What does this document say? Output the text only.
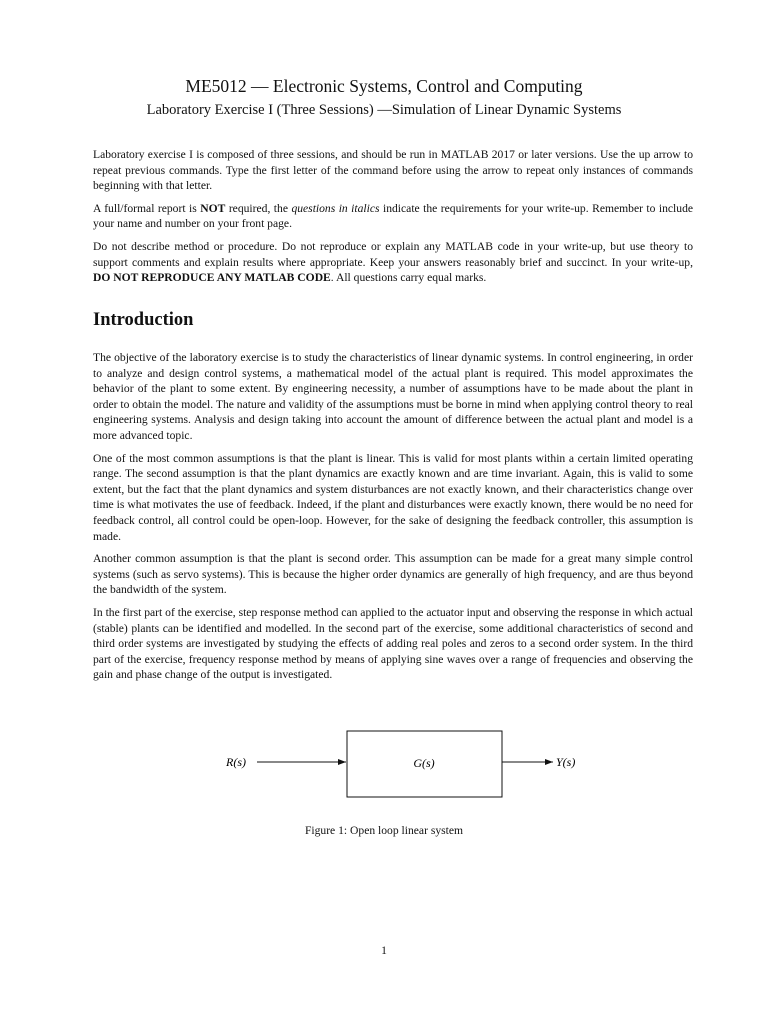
ME5012 — Electronic Systems, Control and Computing
Laboratory Exercise I (Three Sessions) —Simulation of Linear Dynamic Systems

Laboratory exercise I is composed of three sessions, and should be run in MATLAB 2017 or later versions. Use the up arrow to repeat previous commands. Type the first letter of the command before using the arrow to repeat only instances of commands beginning with that letter.

A full/formal report is NOT required, the questions in italics indicate the requirements for your write-up. Remember to include your name and number on your front page.

Do not describe method or procedure. Do not reproduce or explain any MATLAB code in your write-up, but use theory to support comments and explain results where appropriate. Keep your answers reasonably brief and succinct. In your write-up, DO NOT REPRODUCE ANY MATLAB CODE. All questions carry equal marks.

Introduction

The objective of the laboratory exercise is to study the characteristics of linear dynamic systems. In control engineering, in order to analyze and design control systems, a mathematical model of the actual plant is required. This model approximates the behavior of the plant to some extent. By engineering necessity, a number of assumptions have to be made about the plant in order to obtain the model. The nature and validity of the assumptions must be borne in mind when applying control theory to real engineering systems. Analysis and design taking into account the amount of difference between the actual plant and model is a more advanced topic.

One of the most common assumptions is that the plant is linear. This is valid for most plants within a certain limited operating range. The second assumption is that the plant dynamics are exactly known and are time invariant. Again, this is valid to some extent, but the fact that the plant dynamics and system disturbances are not exactly known, and their characteristics change over time is what motivates the use of feedback. Indeed, if the plant and disturbances were exactly known, there would be no need for feedback control, all control could be open-loop. However, for the sake of designing the feedback controller, this assumption is made.

Another common assumption is that the plant is second order. This assumption can be made for a great many simple control systems (such as servo systems). This is because the higher order dynamics are generally of high frequency, and are thus beyond the bandwidth of the system.

In the first part of the exercise, step response method can applied to the actuator input and observing the response in which actual (stable) plants can be identified and modelled. In the second part of the exercise, some additional characteristics of second and third order systems are investigated by studying the effects of adding real poles and zeros to a second order system. In the third part of the exercise, frequency response method by means of applying sine waves over a range of frequencies and observing the gain and phase change of the output is investigated.

R(s)	G(s)	Y(s)
Figure 1: Open loop linear system
1
